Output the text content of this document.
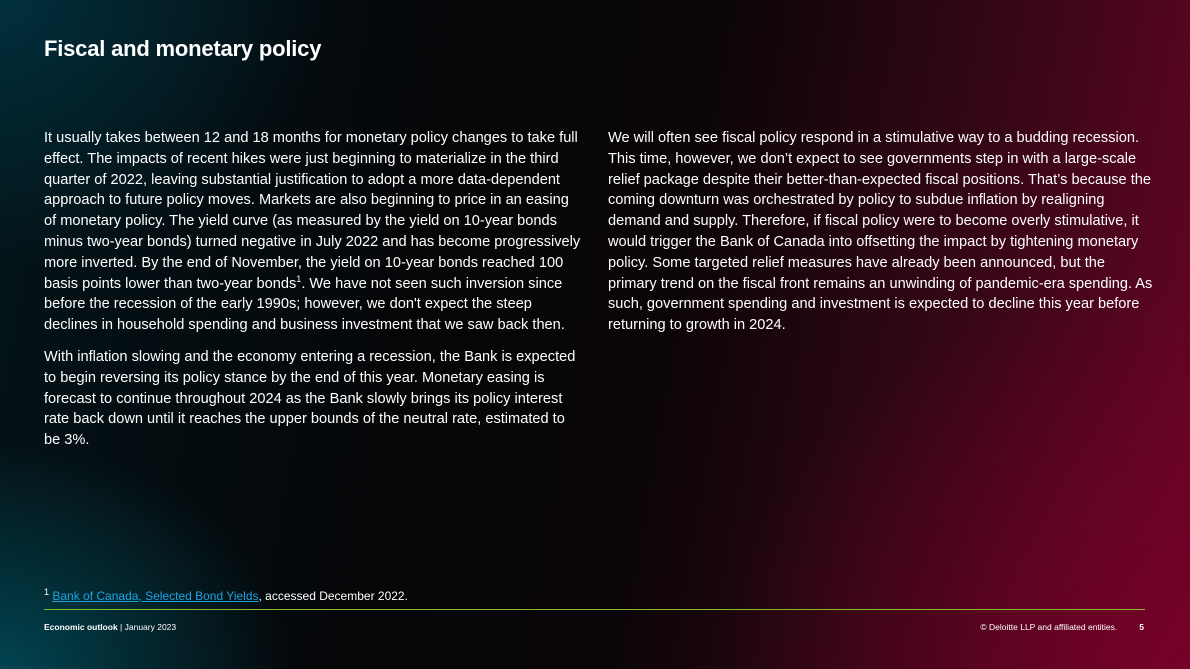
Fiscal and monetary policy

It usually takes between 12 and 18 months for monetary policy changes to take full effect. The impacts of recent hikes were just beginning to materialize in the third quarter of 2022, leaving substantial justification to adopt a more data-dependent approach to future policy moves. Markets are also beginning to price in an easing of monetary policy. The yield curve (as measured by the yield on 10-year bonds minus two-year bonds) turned negative in July 2022 and has become progressively more inverted. By the end of November, the yield on 10-year bonds reached 100 basis points lower than two-year bonds$^1$. We have not seen such inversion since before the recession of the early 1990s; however, we don't expect the steep declines in household spending and business investment that we saw back then.

With inflation slowing and the economy entering a recession, the Bank is expected to begin reversing its policy stance by the end of this year. Monetary easing is forecast to continue throughout 2024 as the Bank slowly brings its policy interest rate back down until it reaches the upper bounds of the neutral rate, estimated to be 3%.

We will often see fiscal policy respond in a stimulative way to a budding recession. This time, however, we don’t expect to see governments step in with a large-scale relief package despite their better-than-expected fiscal positions. That’s because the coming downturn was orchestrated by policy to subdue inflation by realigning demand and supply. Therefore, if fiscal policy were to become overly stimulative, it would trigger the Bank of Canada into offsetting the impact by tightening monetary policy. Some targeted relief measures have already been announced, but the primary trend on the fiscal front remains an unwinding of pandemic-era spending. As such, government spending and investment is expected to decline this year before returning to growth in 2024.

$^1$ Bank of Canada, Selected Bond Yields, accessed December 2022.
Economic outlook | January 2023	© Deloitte LLP and affiliated entities.	5
